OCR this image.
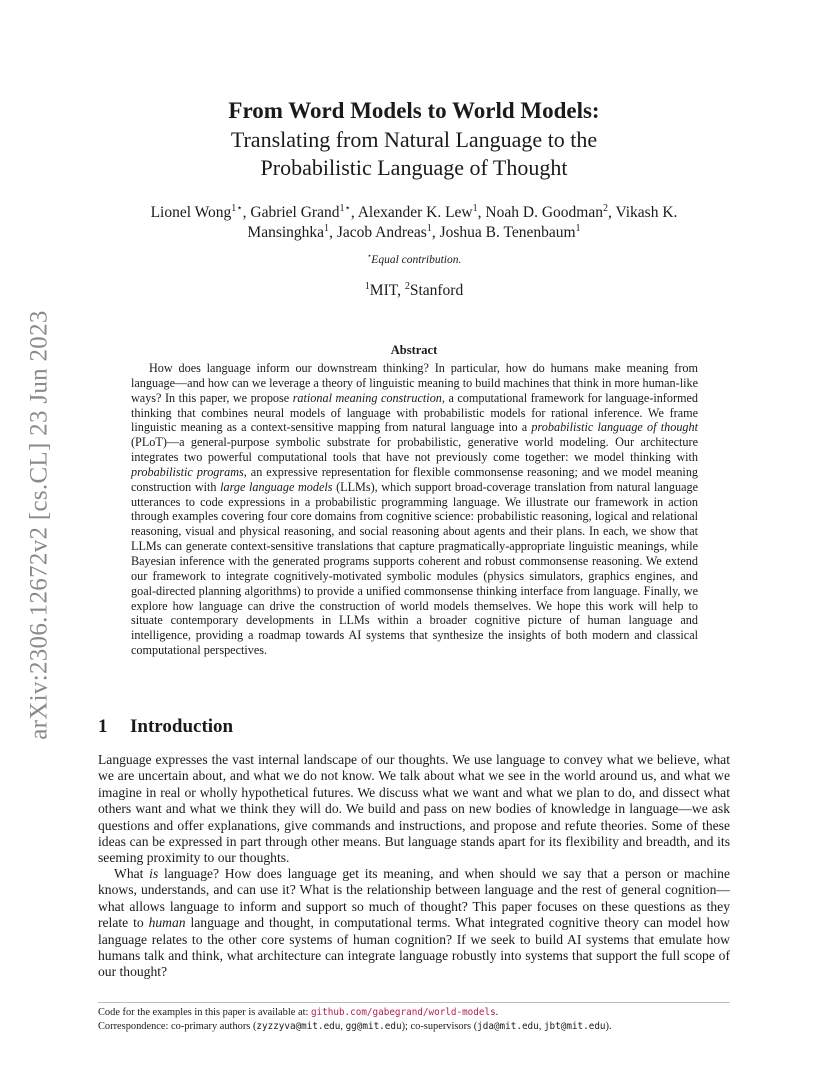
arXiv:2306.12672v2 [cs.CL] 23 Jun 2023

From Word Models to World Models:

Translating from Natural Language to the

Probabilistic Language of Thought

Lionel Wong$^{1⋆}$, Gabriel Grand$^{1⋆}$, Alexander K. Lew$^1$, Noah D. Goodman$^2$, Vikash K. Mansinghka$^1$, Jacob Andreas$^1$, Joshua B. Tenenbaum$^1$
⋆Equal contribution.
$^1$MIT, $^2$Stanford
Abstract

How does language inform our downstream thinking? In particular, how do humans make meaning from language—and how can we leverage a theory of linguistic meaning to build machines that think in more human-like ways? In this paper, we propose rational meaning construction, a computational framework for language-informed thinking that combines neural models of language with probabilistic models for rational inference. We frame linguistic meaning as a context-sensitive mapping from natural language into a probabilistic language of thought (PLoT)—a general-purpose symbolic substrate for probabilistic, generative world modeling. Our architecture integrates two powerful computational tools that have not previously come together: we model thinking with probabilistic programs, an expressive representation for flexible commonsense reasoning; and we model meaning construction with large language models (LLMs), which support broad-coverage translation from natural language utterances to code expressions in a probabilistic programming language. We illustrate our framework in action through examples covering four core domains from cognitive science: probabilistic reasoning, logical and relational reasoning, visual and physical reasoning, and social reasoning about agents and their plans. In each, we show that LLMs can generate context-sensitive translations that capture pragmatically-appropriate linguistic meanings, while Bayesian inference with the generated programs supports coherent and robust commonsense reasoning. We extend our framework to integrate cognitively-motivated symbolic modules (physics simulators, graphics engines, and goal-directed planning algorithms) to provide a unified commonsense thinking interface from language. Finally, we explore how language can drive the construction of world models themselves. We hope this work will help to situate contemporary developments in LLMs within a broader cognitive picture of human language and intelligence, providing a roadmap towards AI systems that synthesize the insights of both modern and classical computational perspectives.

1 Introduction

Language expresses the vast internal landscape of our thoughts. We use language to convey what we believe, what we are uncertain about, and what we do not know. We talk about what we see in the world around us, and what we imagine in real or wholly hypothetical futures. We discuss what we want and what we plan to do, and dissect what others want and what we think they will do. We build and pass on new bodies of knowledge in language—we ask questions and offer explanations, give commands and instructions, and propose and refute theories. Some of these ideas can be expressed in part through other means. But language stands apart for its flexibility and breadth, and its seeming proximity to our thoughts.

What is language? How does language get its meaning, and when should we say that a person or machine knows, understands, and can use it? What is the relationship between language and the rest of general cognition—what allows language to inform and support so much of thought? This paper focuses on these questions as they relate to human language and thought, in computational terms. What integrated cognitive theory can model how language relates to the other core systems of human cognition? If we seek to build AI systems that emulate how humans talk and think, what architecture can integrate language robustly into systems that support the full scope of our thought?

Code for the examples in this paper is available at: github.com/gabegrand/world-models.

Correspondence: co-primary authors (zyzzyva@mit.edu, gg@mit.edu); co-supervisors (jda@mit.edu, jbt@mit.edu).
